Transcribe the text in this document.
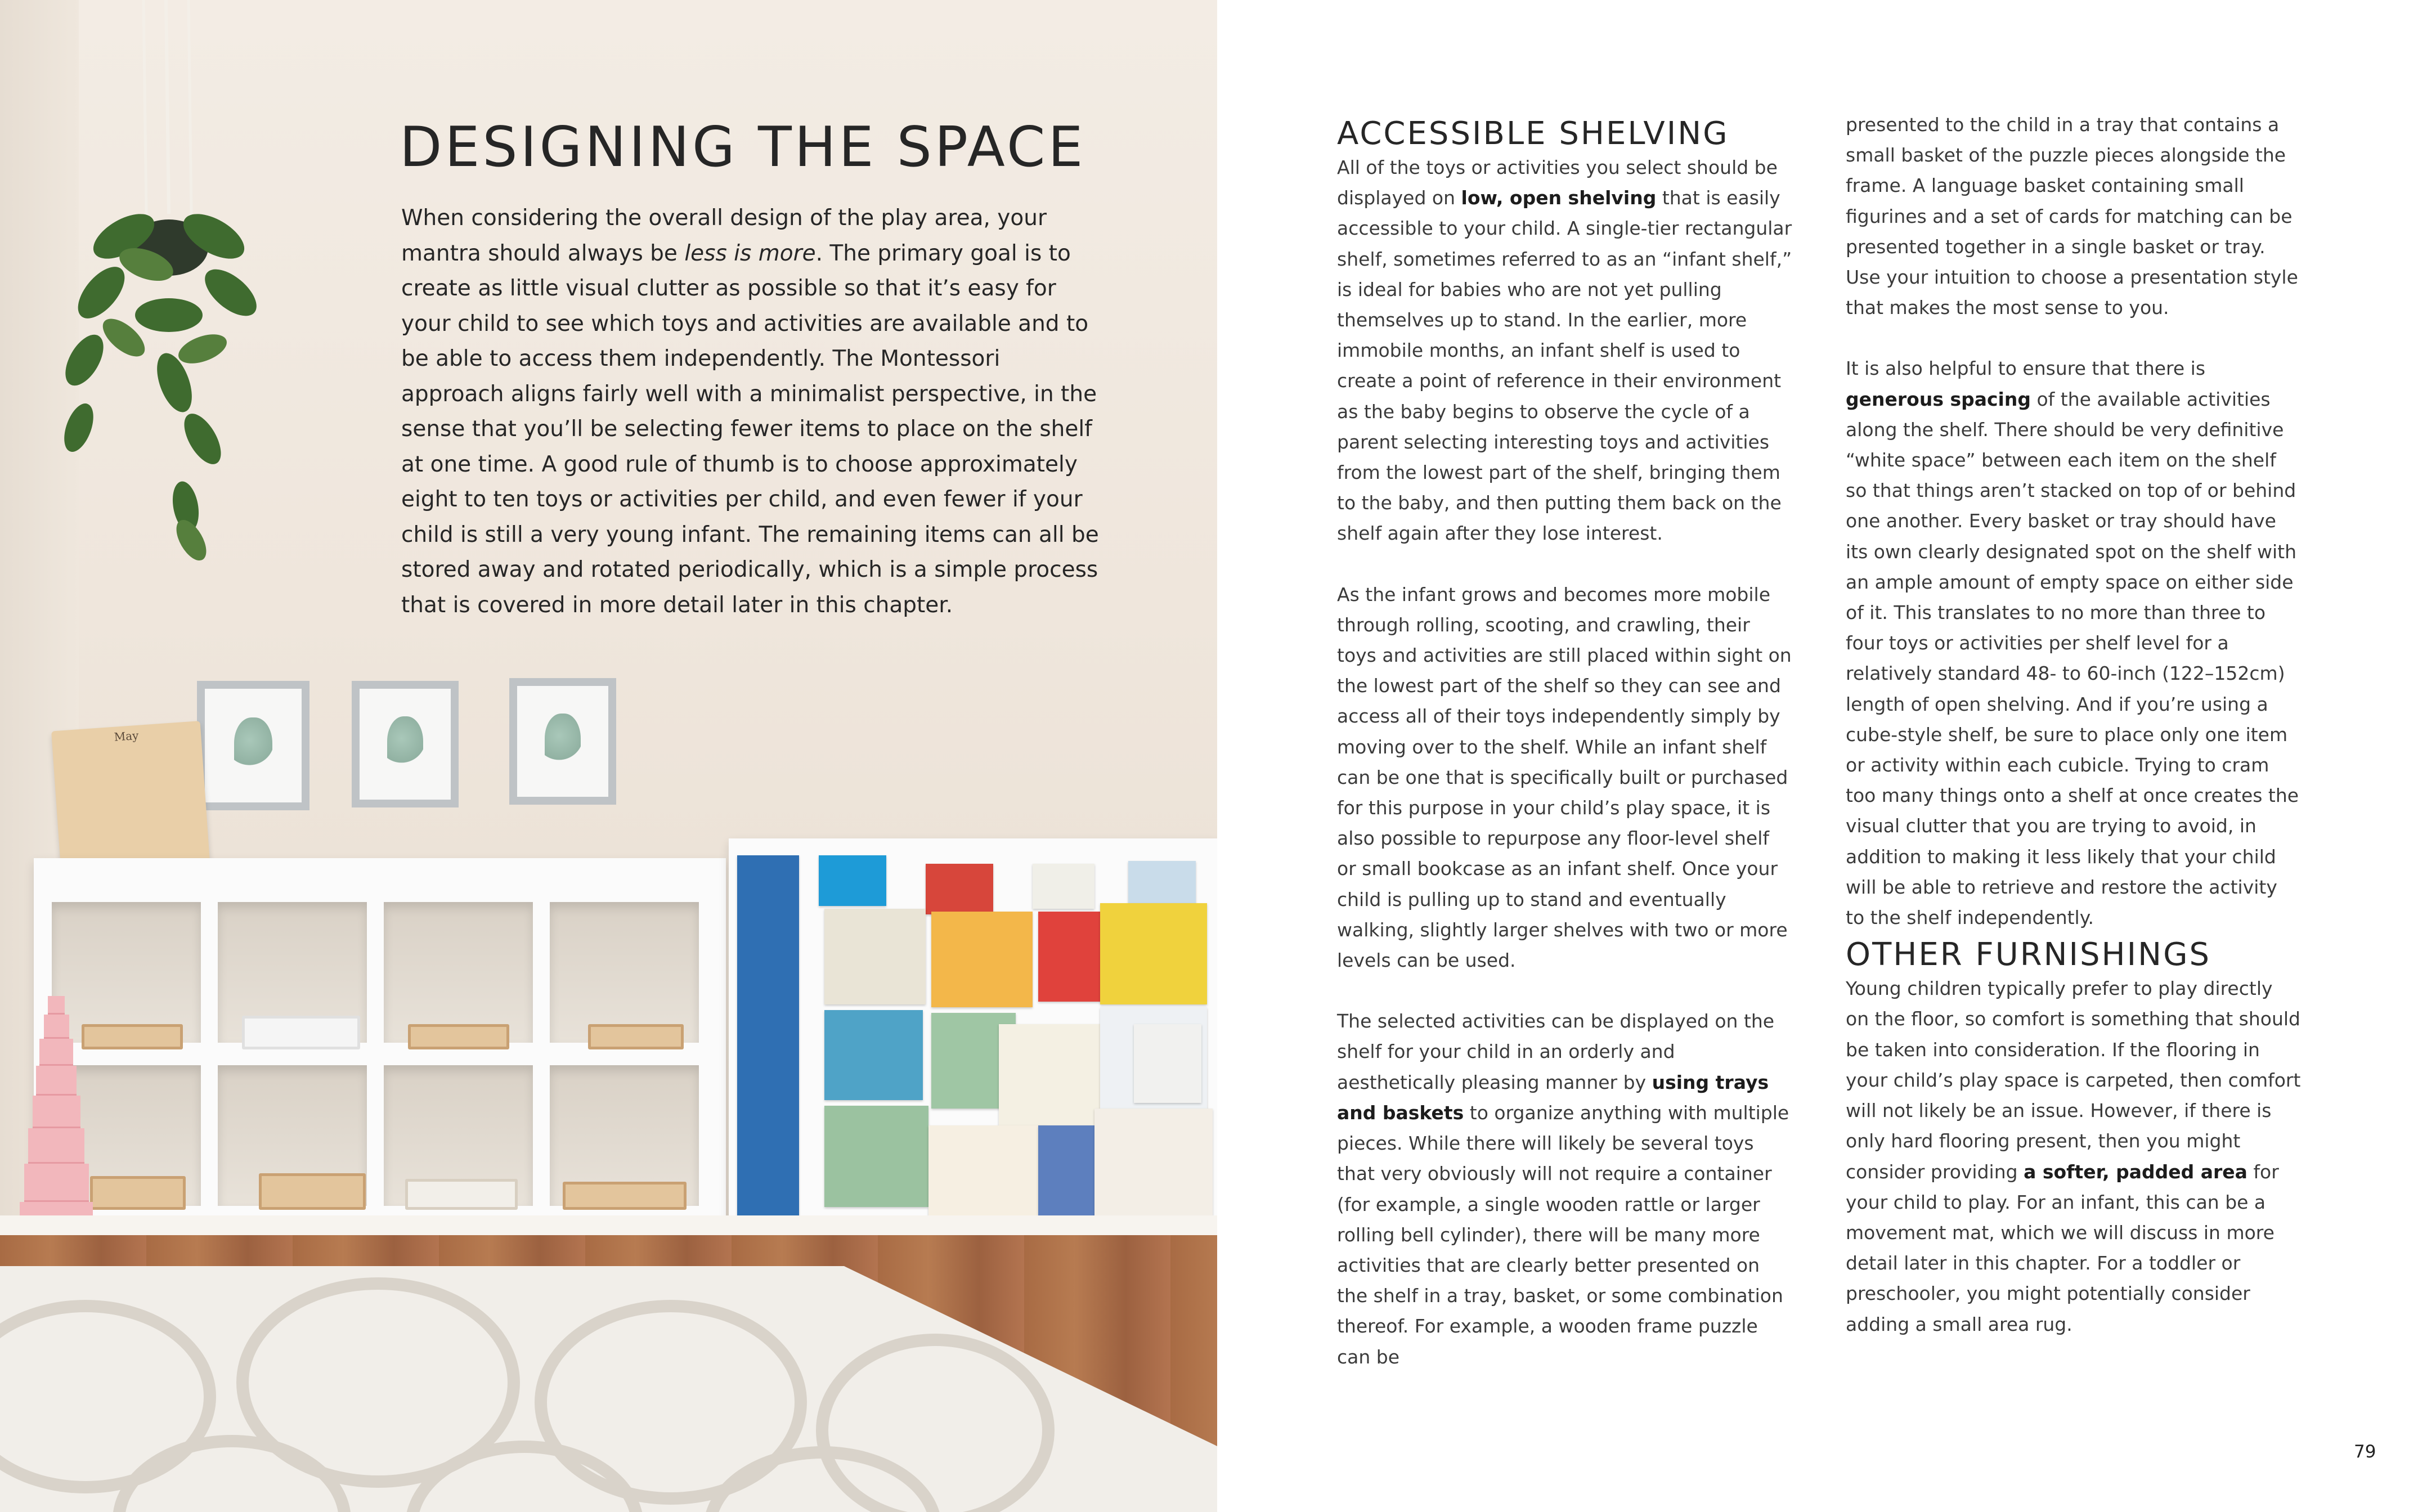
May
DESIGNING THE SPACE

When considering the overall design of the play area, your mantra should always be less is more. The primary goal is to create as little visual clutter as possible so that it’s easy for your child to see which toys and activities are available and to be able to access them independently. The Montessori approach aligns fairly well with a minimalist perspective, in the sense that you’ll be selecting fewer items to place on the shelf at one time. A good rule of thumb is to choose approximately eight to ten toys or activities per child, and even fewer if your child is still a very young infant. The remaining items can all be stored away and rotated periodically, which is a simple process that is covered in more detail later in this chapter.

ACCESSIBLE SHELVING

All of the toys or activities you select should be displayed on low, open shelving that is easily accessible to your child. A single-tier rectangular shelf, sometimes referred to as an “infant shelf,” is ideal for babies who are not yet pulling themselves up to stand. In the earlier, more immobile months, an infant shelf is used to create a point of reference in their environment as the baby begins to observe the cycle of a parent selecting interesting toys and activities from the lowest part of the shelf, bringing them to the baby, and then putting them back on the shelf again after they lose interest.

As the infant grows and becomes more mobile through rolling, scooting, and crawling, their toys and activities are still placed within sight on the lowest part of the shelf so they can see and access all of their toys independently simply by moving over to the shelf. While an infant shelf can be one that is specifically built or purchased for this purpose in your child’s play space, it is also possible to repurpose any floor-level shelf or small bookcase as an infant shelf. Once your child is pulling up to stand and eventually walking, slightly larger shelves with two or more levels can be used.

The selected activities can be displayed on the shelf for your child in an orderly and aesthetically pleasing manner by using trays and baskets to organize anything with multiple pieces. While there will likely be several toys that very obviously will not require a container (for example, a single wooden rattle or larger rolling bell cylinder), there will be many more activities that are clearly better presented on the shelf in a tray, basket, or some combination thereof. For example, a wooden frame puzzle can be

presented to the child in a tray that contains a small basket of the puzzle pieces alongside the frame. A language basket containing small figurines and a set of cards for matching can be presented together in a single basket or tray. Use your intuition to choose a presentation style that makes the most sense to you.

It is also helpful to ensure that there is generous spacing of the available activities along the shelf. There should be very definitive “white space” between each item on the shelf so that things aren’t stacked on top of or behind one another. Every basket or tray should have its own clearly designated spot on the shelf with an ample amount of empty space on either side of it. This translates to no more than three to four toys or activities per shelf level for a relatively standard 48- to 60-inch (122–152cm) length of open shelving. And if you’re using a cube-style shelf, be sure to place only one item or activity within each cubicle. Trying to cram too many things onto a shelf at once creates the visual clutter that you are trying to avoid, in addition to making it less likely that your child will be able to retrieve and restore the activity to the shelf independently.

OTHER FURNISHINGS

Young children typically prefer to play directly on the floor, so comfort is something that should be taken into consideration. If the flooring in your child’s play space is carpeted, then comfort will not likely be an issue. However, if there is only hard flooring present, then you might consider providing a softer, padded area for your child to play. For an infant, this can be a movement mat, which we will discuss in more detail later in this chapter. For a toddler or preschooler, you might potentially consider adding a small area rug.

79
